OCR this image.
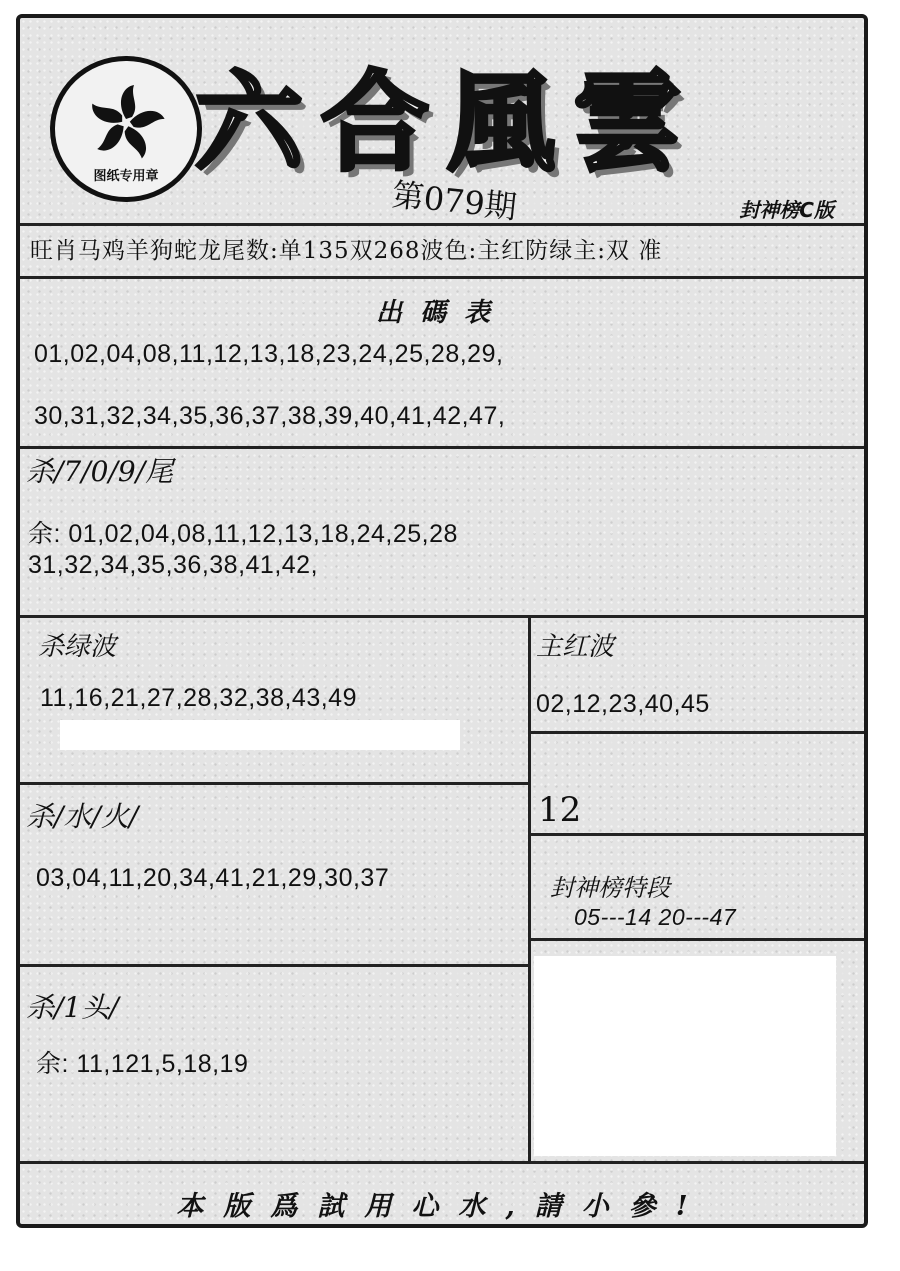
图纸专用章 六合風雲
第079期	封神榜C版
旺肖马鸡羊狗蛇龙尾数:单135双268波色:主红防绿主:双 准
出碼表
01,02,04,08,11,12,13,18,23,24,25,28,29,
30,31,32,34,35,36,37,38,39,40,41,42,47,
杀/7/0/9/尾
余: 01,02,04,08,11,12,13,18,24,25,28
31,32,34,35,36,38,41,42,
杀绿波
11,16,21,27,28,32,38,43,49
主红波
02,12,23,40,45
杀/水/火/
03,04,11,20,34,41,21,29,30,37
12
封神榜特段
05---14 20---47
杀/1头/
余: 11,121,5,18,19
本版爲試用心水,請小參!
